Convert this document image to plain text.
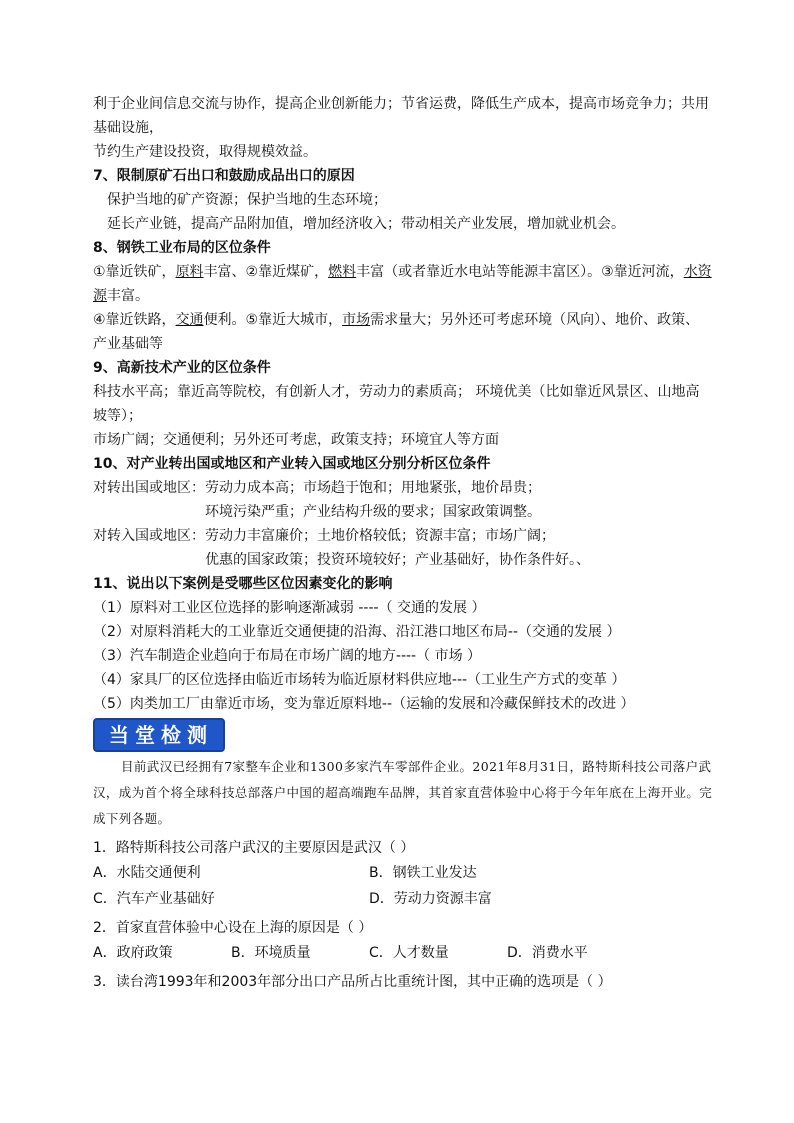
利于企业间信息交流与协作，提高企业创新能力；节省运费，降低生产成本，提高市场竞争力；共用基础设施，
节约生产建设投资，取得规模效益。
7、限制原矿石出口和鼓励成品出口的原因
保护当地的矿产资源；保护当地的生态环境；
延长产业链，提高产品附加值，增加经济收入；带动相关产业发展，增加就业机会。
8、钢铁工业布局的区位条件
①靠近铁矿，原料丰富、②靠近煤矿，燃料丰富（或者靠近水电站等能源丰富区）。③靠近河流，水资源丰富。
④靠近铁路，交通便利。⑤靠近大城市，市场需求量大；另外还可考虑环境（风向）、地价、政策、产业基础等
9、高新技术产业的区位条件
科技水平高；靠近高等院校，有创新人才，劳动力的素质高； 环境优美（比如靠近风景区、山地高坡等）；
市场广阔；交通便利；另外还可考虑，政策支持；环境宜人等方面
10、对产业转出国或地区和产业转入国或地区分别分析区位条件
对转出国或地区：劳动力成本高；市场趋于饱和；用地紧张，地价昂贵；
环境污染严重；产业结构升级的要求；国家政策调整。
对转入国或地区：劳动力丰富廉价；土地价格较低；资源丰富；市场广阔；
优惠的国家政策；投资环境较好；产业基础好，协作条件好。、
11、说出以下案例是受哪些区位因素变化的影响
（1）原料对工业区位选择的影响逐渐减弱 ----（ 交通的发展 ）
（2）对原料消耗大的工业靠近交通便捷的沿海、沿江港口地区布局--（交通的发展 ）
（3）汽车制造企业趋向于布局在市场广阔的地方----（ 市场 ）
（4）家具厂的区位选择由临近市场转为临近原材料供应地---（工业生产方式的变革 ）
（5）肉类加工厂由靠近市场，变为靠近原料地--（运输的发展和冷藏保鲜技术的改进 ）
当堂检测
目前武汉已经拥有7家整车企业和1300多家汽车零部件企业。2021年8月31日，路特斯科技公司落户武汉，成为首个将全球科技总部落户中国的超高端跑车品牌，其首家直营体验中心将于今年年底在上海开业。完成下列各题。
1．路特斯科技公司落户武汉的主要原因是武汉（ ）
A．水陆交通便利	B．钢铁工业发达
C．汽车产业基础好	D．劳动力资源丰富
2．首家直营体验中心设在上海的原因是（ ）
A．政府政策	B．环境质量	C．人才数量	D．消费水平
3．读台湾1993年和2003年部分出口产品所占比重统计图，其中正确的选项是（ ）
